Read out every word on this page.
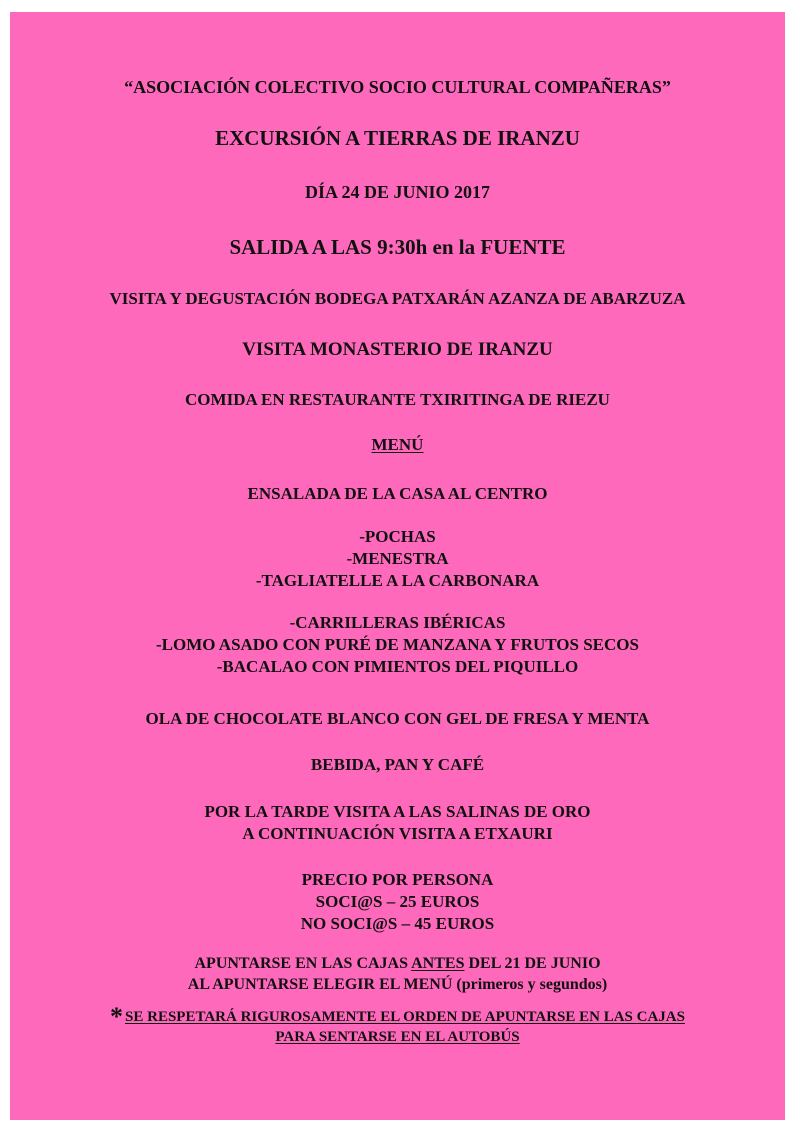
“ASOCIACIÓN COLECTIVO SOCIO CULTURAL COMPAÑERAS”

EXCURSIÓN A TIERRAS DE IRANZU

DÍA 24 DE JUNIO 2017

SALIDA A LAS 9:30h en la FUENTE

VISITA Y DEGUSTACIÓN BODEGA PATXARÁN AZANZA DE ABARZUZA

VISITA MONASTERIO DE IRANZU

COMIDA EN RESTAURANTE TXIRITINGA DE RIEZU

MENÚ

ENSALADA DE LA CASA AL CENTRO

-POCHAS

-MENESTRA

-TAGLIATELLE A LA CARBONARA

-CARRILLERAS IBÉRICAS

-LOMO ASADO CON PURÉ DE MANZANA Y FRUTOS SECOS

-BACALAO CON PIMIENTOS DEL PIQUILLO

OLA DE CHOCOLATE BLANCO CON GEL DE FRESA Y MENTA

BEBIDA, PAN Y CAFÉ

POR LA TARDE VISITA A LAS SALINAS DE ORO

A CONTINUACIÓN VISITA A ETXAURI

PRECIO POR PERSONA

SOCI@S – 25 EUROS

NO SOCI@S – 45 EUROS

APUNTARSE EN LAS CAJAS ANTES DEL 21 DE JUNIO

AL APUNTARSE ELEGIR EL MENÚ (primeros y segundos)

* SE RESPETARÁ RIGUROSAMENTE EL ORDEN DE APUNTARSE EN LAS CAJAS

PARA SENTARSE EN EL AUTOBÚS
